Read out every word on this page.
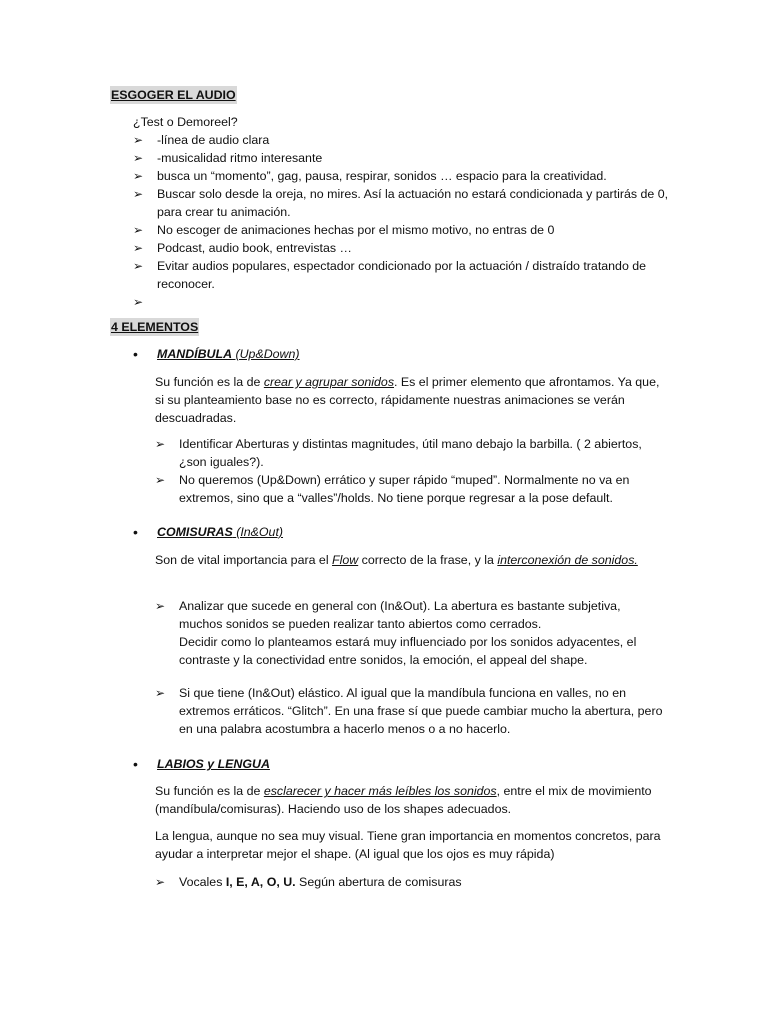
ESGOGER EL AUDIO
¿Test o Demoreel?
➢ -línea de audio clara
➢ -musicalidad ritmo interesante
➢ busca un “momento”, gag, pausa, respirar, sonidos … espacio para la creatividad.
➢ Buscar solo desde la oreja, no mires. Así la actuación no estará condicionada y partirás de 0, para crear tu animación.
➢ No escoger de animaciones hechas por el mismo motivo, no entras de 0
➢ Podcast, audio book, entrevistas …
➢ Evitar audios populares, espectador condicionado por la actuación / distraído tratando de reconocer.
➢

4 ELEMENTOS
• MANDÍBULA (Up&Down)
Su función es la de crear y agrupar sonidos. Es el primer elemento que afrontamos. Ya que, si su planteamiento base no es correcto, rápidamente nuestras animaciones se verán descuadradas.
➢ Identificar Aberturas y distintas magnitudes, útil mano debajo la barbilla. ( 2 abiertos, ¿son iguales?).
➢ No queremos (Up&Down) errático y super rápido “muped”. Normalmente no va en extremos, sino que a “valles”/holds. No tiene porque regresar a la pose default.
• COMISURAS (In&Out)
Son de vital importancia para el Flow correcto de la frase, y la interconexión de sonidos.
➢ Analizar que sucede en general con (In&Out). La abertura es bastante subjetiva, muchos sonidos se pueden realizar tanto abiertos como cerrados.
Decidir como lo planteamos estará muy influenciado por los sonidos adyacentes, el contraste y la conectividad entre sonidos, la emoción, el appeal del shape.
➢ Si que tiene (In&Out) elástico. Al igual que la mandíbula funciona en valles, no en extremos erráticos. “Glitch”. En una frase sí que puede cambiar mucho la abertura, pero en una palabra acostumbra a hacerlo menos o a no hacerlo.
• LABIOS y LENGUA
Su función es la de esclarecer y hacer más leíbles los sonidos, entre el mix de movimiento (mandíbula/comisuras). Haciendo uso de los shapes adecuados.
La lengua, aunque no sea muy visual. Tiene gran importancia en momentos concretos, para ayudar a interpretar mejor el shape. (Al igual que los ojos es muy rápida)
➢ Vocales I, E, A, O, U. Según abertura de comisuras
